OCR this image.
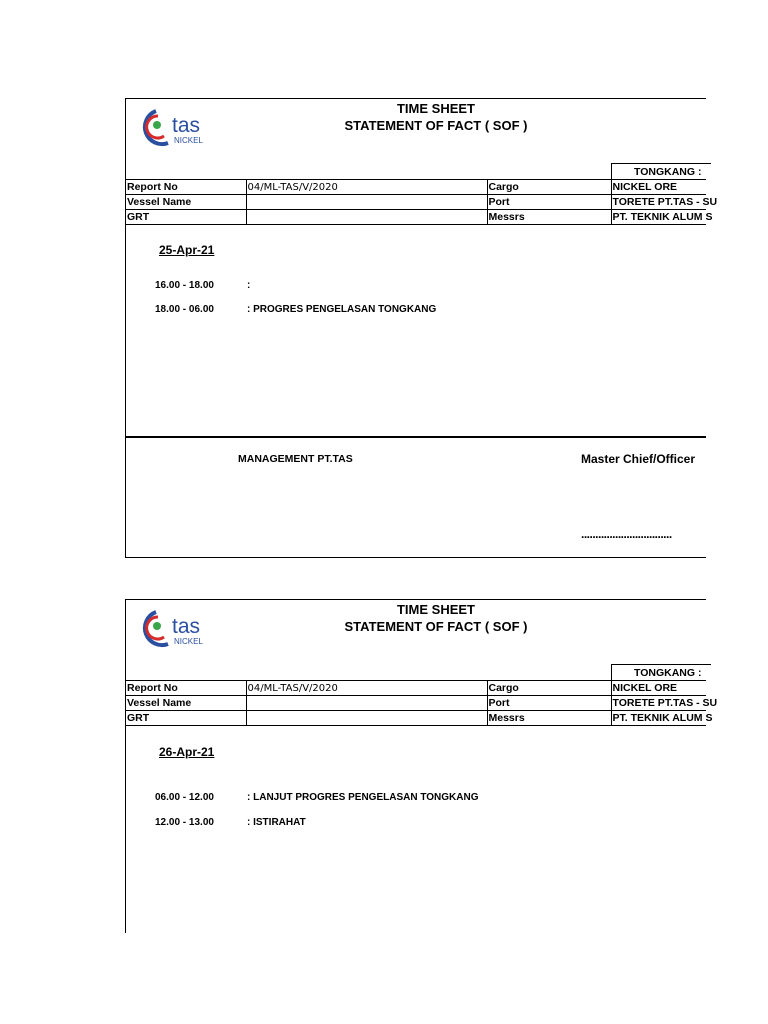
tas
NICKEL
TIME SHEET
STATEMENT OF FACT ( SOF )
TONGKANG :
Report No	04/ML-TAS/V/2020	Cargo	NICKEL ORE
Vessel Name		Port	TORETE PT.TAS - SU
GRT		Messrs	PT. TEKNIK ALUM S
25-Apr-21
16.00 - 18.00	:
18.00 - 06.00	: PROGRES PENGELASAN TONGKANG
MANAGEMENT PT.TAS	Master Chief/Officer
................................
tas
NICKEL
TIME SHEET
STATEMENT OF FACT ( SOF )
TONGKANG :
Report No	04/ML-TAS/V/2020	Cargo	NICKEL ORE
Vessel Name		Port	TORETE PT.TAS - SU
GRT		Messrs	PT. TEKNIK ALUM S
26-Apr-21
06.00 - 12.00	: LANJUT PROGRES PENGELASAN TONGKANG
12.00 - 13.00	: ISTIRAHAT
